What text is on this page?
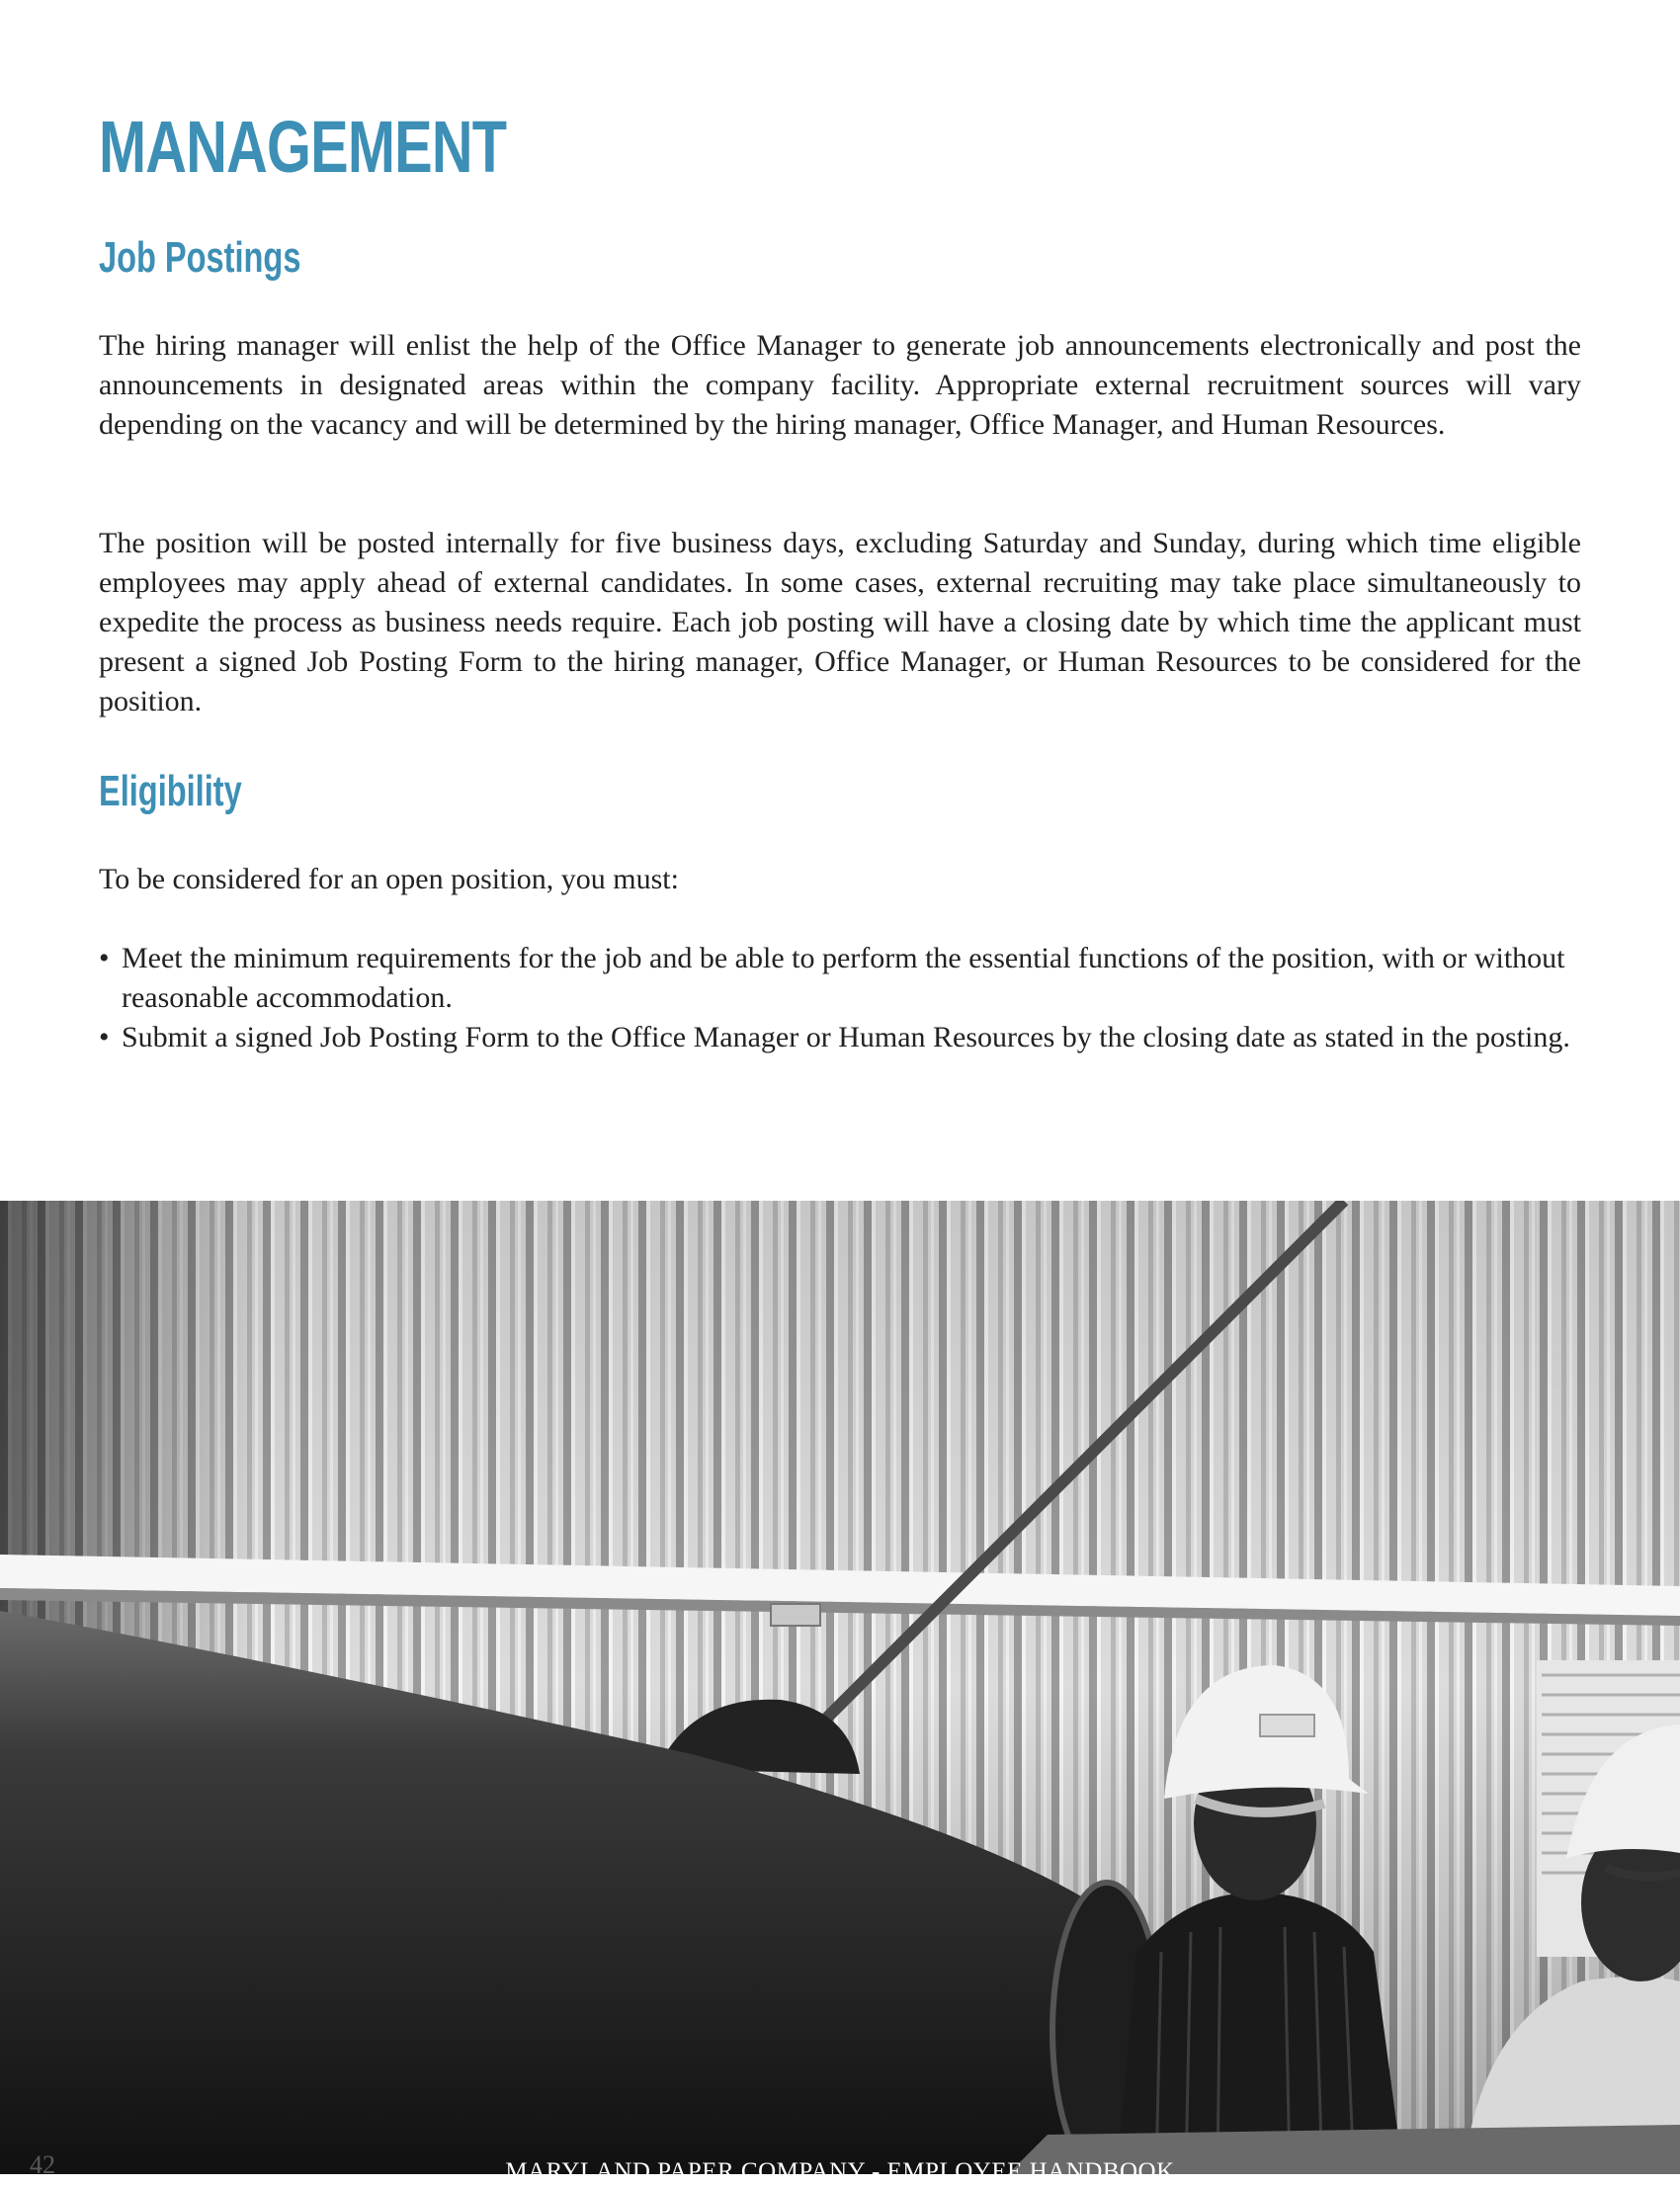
MANAGEMENT
Job Postings

The hiring manager will enlist the help of the Office Manager to generate job announcements electronically and post the announcements in designated areas within the company facility. Appropriate external recruitment sources will vary depending on the vacancy and will be determined by the hiring manager, Office Manager, and Human Resources.

The position will be posted internally for five business days, excluding Saturday and Sunday, during which time eligible employees may apply ahead of external candidates. In some cases, external recruiting may take place simultaneously to expedite the process as business needs require. Each job posting will have a closing date by which time the applicant must present a signed Job Posting Form to the hiring manager, Office Manager, or Human Resources to be considered for the position.

Eligibility

To be considered for an open position, you must:

• Meet the minimum requirements for the job and be able to perform the essential functions of the position, with or without reasonable accommodation.
• Submit a signed Job Posting Form to the Office Manager or Human Resources by the closing date as stated in the posting.
42	MARYLAND PAPER COMPANY - EMPLOYEE HANDBOOK
